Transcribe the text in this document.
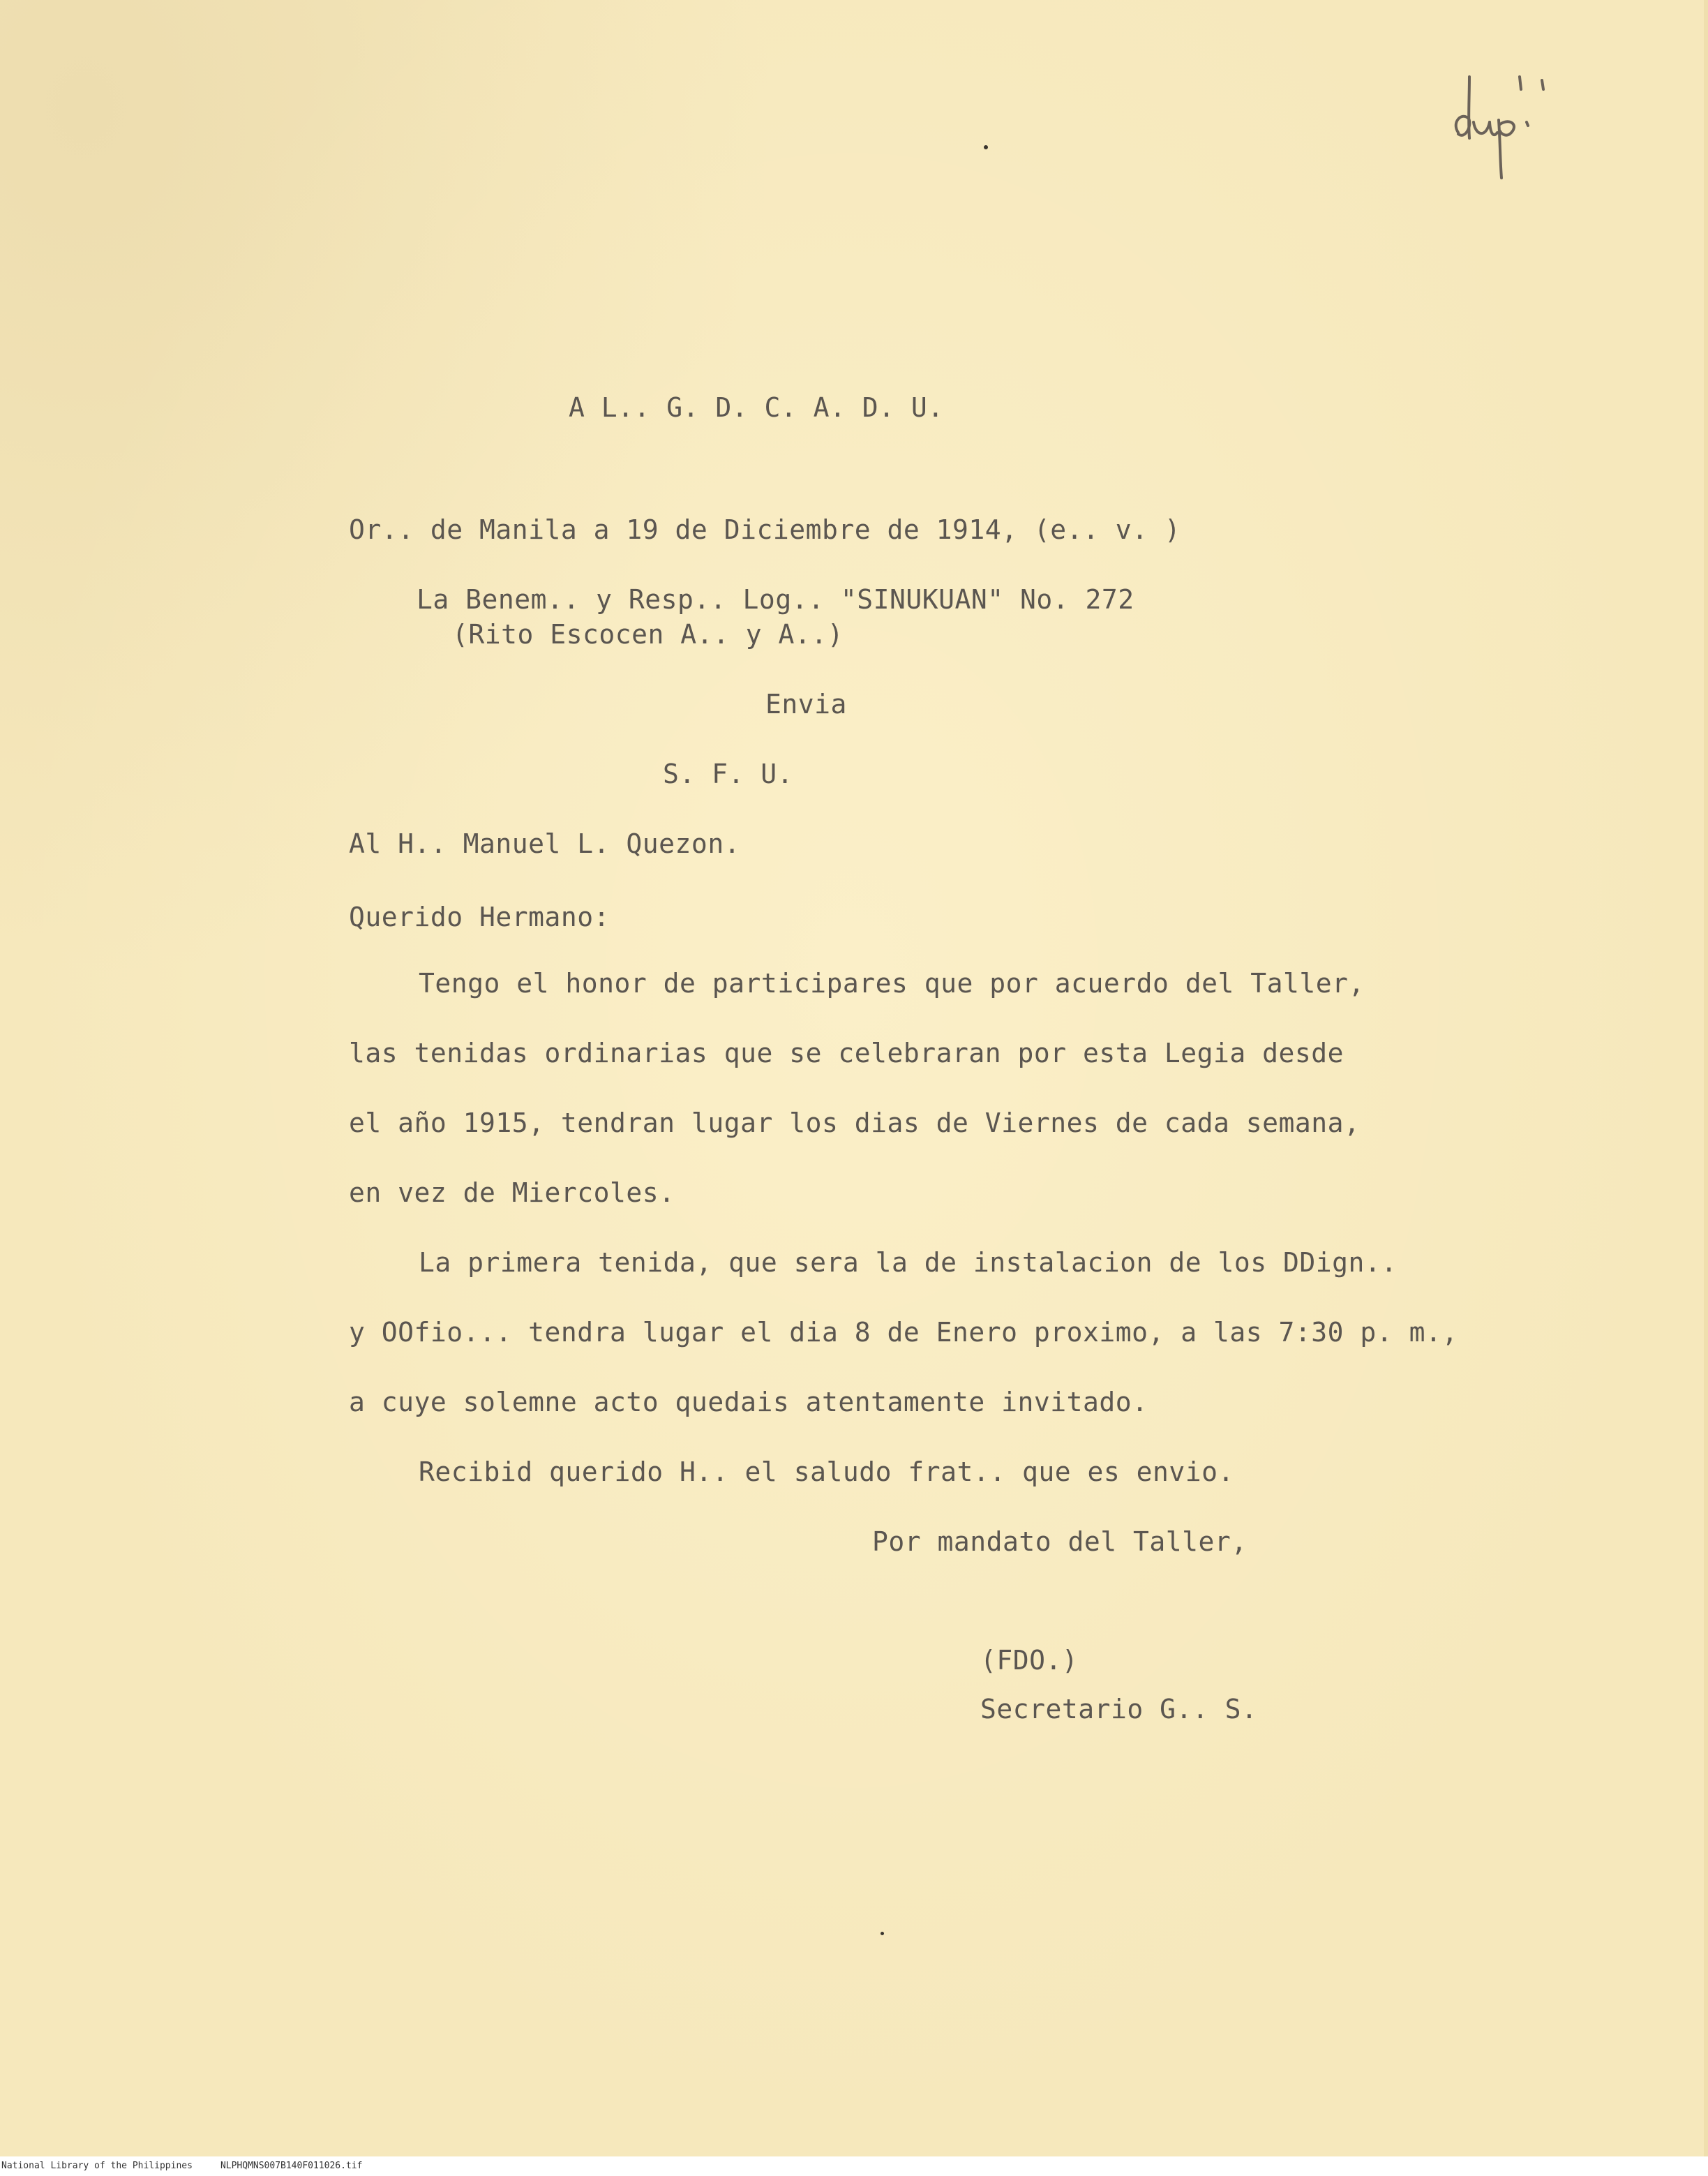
A L.. G. D. C. A. D. U.
Or.. de Manila a 19 de Diciembre de 1914, (e.. v. )
La Benem.. y Resp.. Log.. "SINUKUAN" No. 272
(Rito Escocen A.. y A..)
Envia
S. F. U.
Al H.. Manuel L. Quezon.
Querido Hermano:
Tengo el honor de participares que por acuerdo del Taller,
las tenidas ordinarias que se celebraran por esta Legia desde
el año 1915, tendran lugar los dias de Viernes de cada semana,
en vez de Miercoles.
La primera tenida, que sera la de instalacion de los DDign..
y OOfio... tendra lugar el dia 8 de Enero proximo, a las 7:30 p. m.,
a cuye solemne acto quedais atentamente invitado.
Recibid querido H.. el saludo frat.. que es envio.
Por mandato del Taller,
(FDO.)
Secretario G.. S.
National Library of the Philippines	NLPHQMNS007B140F011026.tif
